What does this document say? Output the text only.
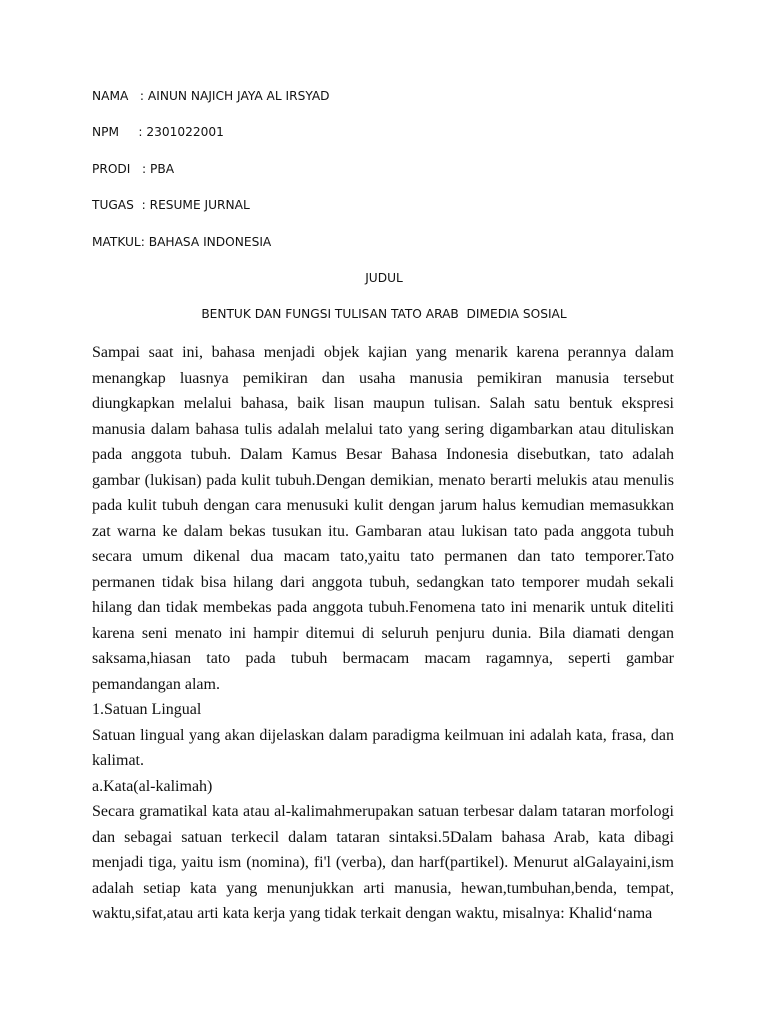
NAMA   : AINUN NAJICH JAYA AL IRSYAD

NPM     : 2301022001

PRODI   : PBA

TUGAS  : RESUME JURNAL

MATKUL: BAHASA INDONESIA

JUDUL

BENTUK DAN FUNGSI TULISAN TATO ARAB  DIMEDIA SOSIAL

Sampai saat ini, bahasa menjadi objek kajian yang menarik karena perannya dalam menangkap luasnya pemikiran dan usaha manusia pemikiran manusia tersebut diungkapkan melalui bahasa, baik lisan maupun tulisan. Salah satu bentuk ekspresi manusia dalam bahasa tulis adalah melalui tato yang sering digambarkan atau dituliskan pada anggota tubuh. Dalam Kamus Besar Bahasa Indonesia disebutkan, tato adalah gambar (lukisan) pada kulit tubuh.Dengan demikian, menato berarti melukis atau menulis pada kulit tubuh dengan cara menusuki kulit dengan jarum halus kemudian memasukkan zat warna ke dalam bekas tusukan itu. Gambaran atau lukisan tato pada anggota tubuh secara umum dikenal dua macam tato,yaitu tato permanen dan tato temporer.Tato permanen tidak bisa hilang dari anggota tubuh, sedangkan tato temporer mudah sekali hilang dan tidak membekas pada anggota tubuh.Fenomena tato ini menarik untuk diteliti karena seni menato ini hampir ditemui di seluruh penjuru dunia. Bila diamati dengan saksama,hiasan tato pada tubuh bermacam macam ragamnya, seperti gambar pemandangan alam.

1.Satuan Lingual

Satuan lingual yang akan dijelaskan dalam paradigma keilmuan ini adalah kata, frasa, dan kalimat.

a.Kata(al-kalimah)

Secara gramatikal kata atau al-kalimahmerupakan satuan terbesar dalam tataran morfologi dan sebagai satuan terkecil dalam tataran sintaksi.5Dalam bahasa Arab, kata dibagi menjadi tiga, yaitu ism (nomina), fi'l (verba), dan harf(partikel). Menurut alGalayaini,ism adalah setiap kata yang menunjukkan arti manusia, hewan,tumbuhan,benda, tempat, waktu,sifat,atau arti kata kerja yang tidak terkait dengan waktu, misalnya: Khalid‘nama
